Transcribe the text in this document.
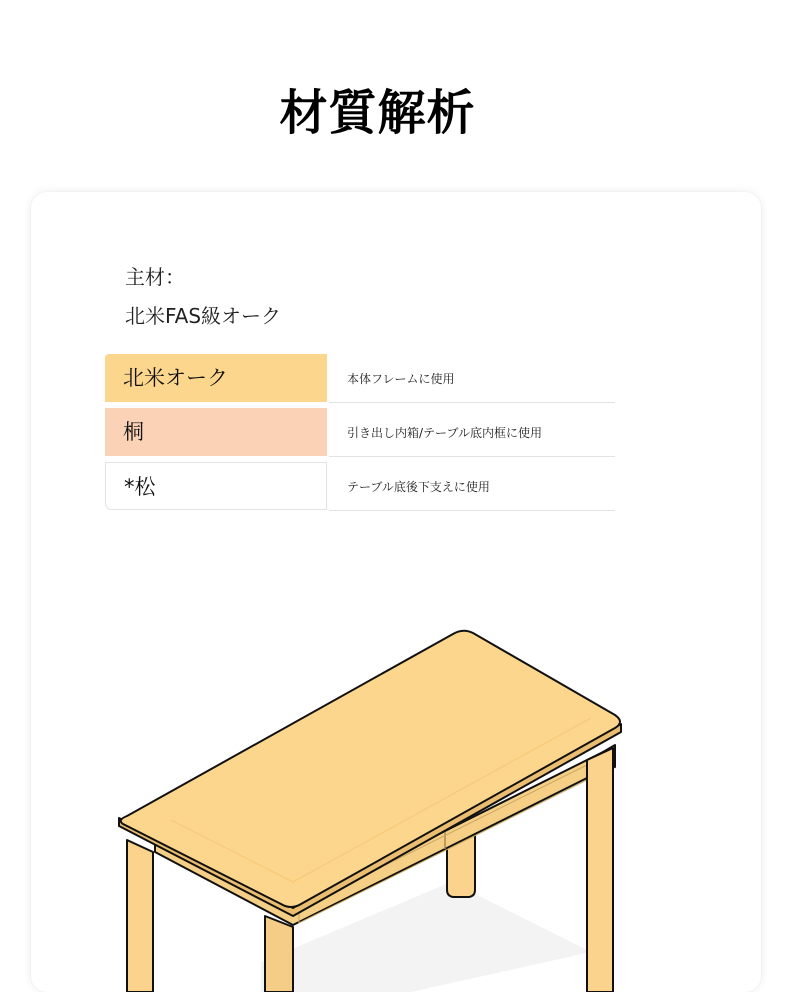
材質解析
主材：
北米FAS級オーク
北米オーク	本体フレームに使用
桐	引き出し内箱/テーブル底内框に使用
*松	テーブル底後下支えに使用
